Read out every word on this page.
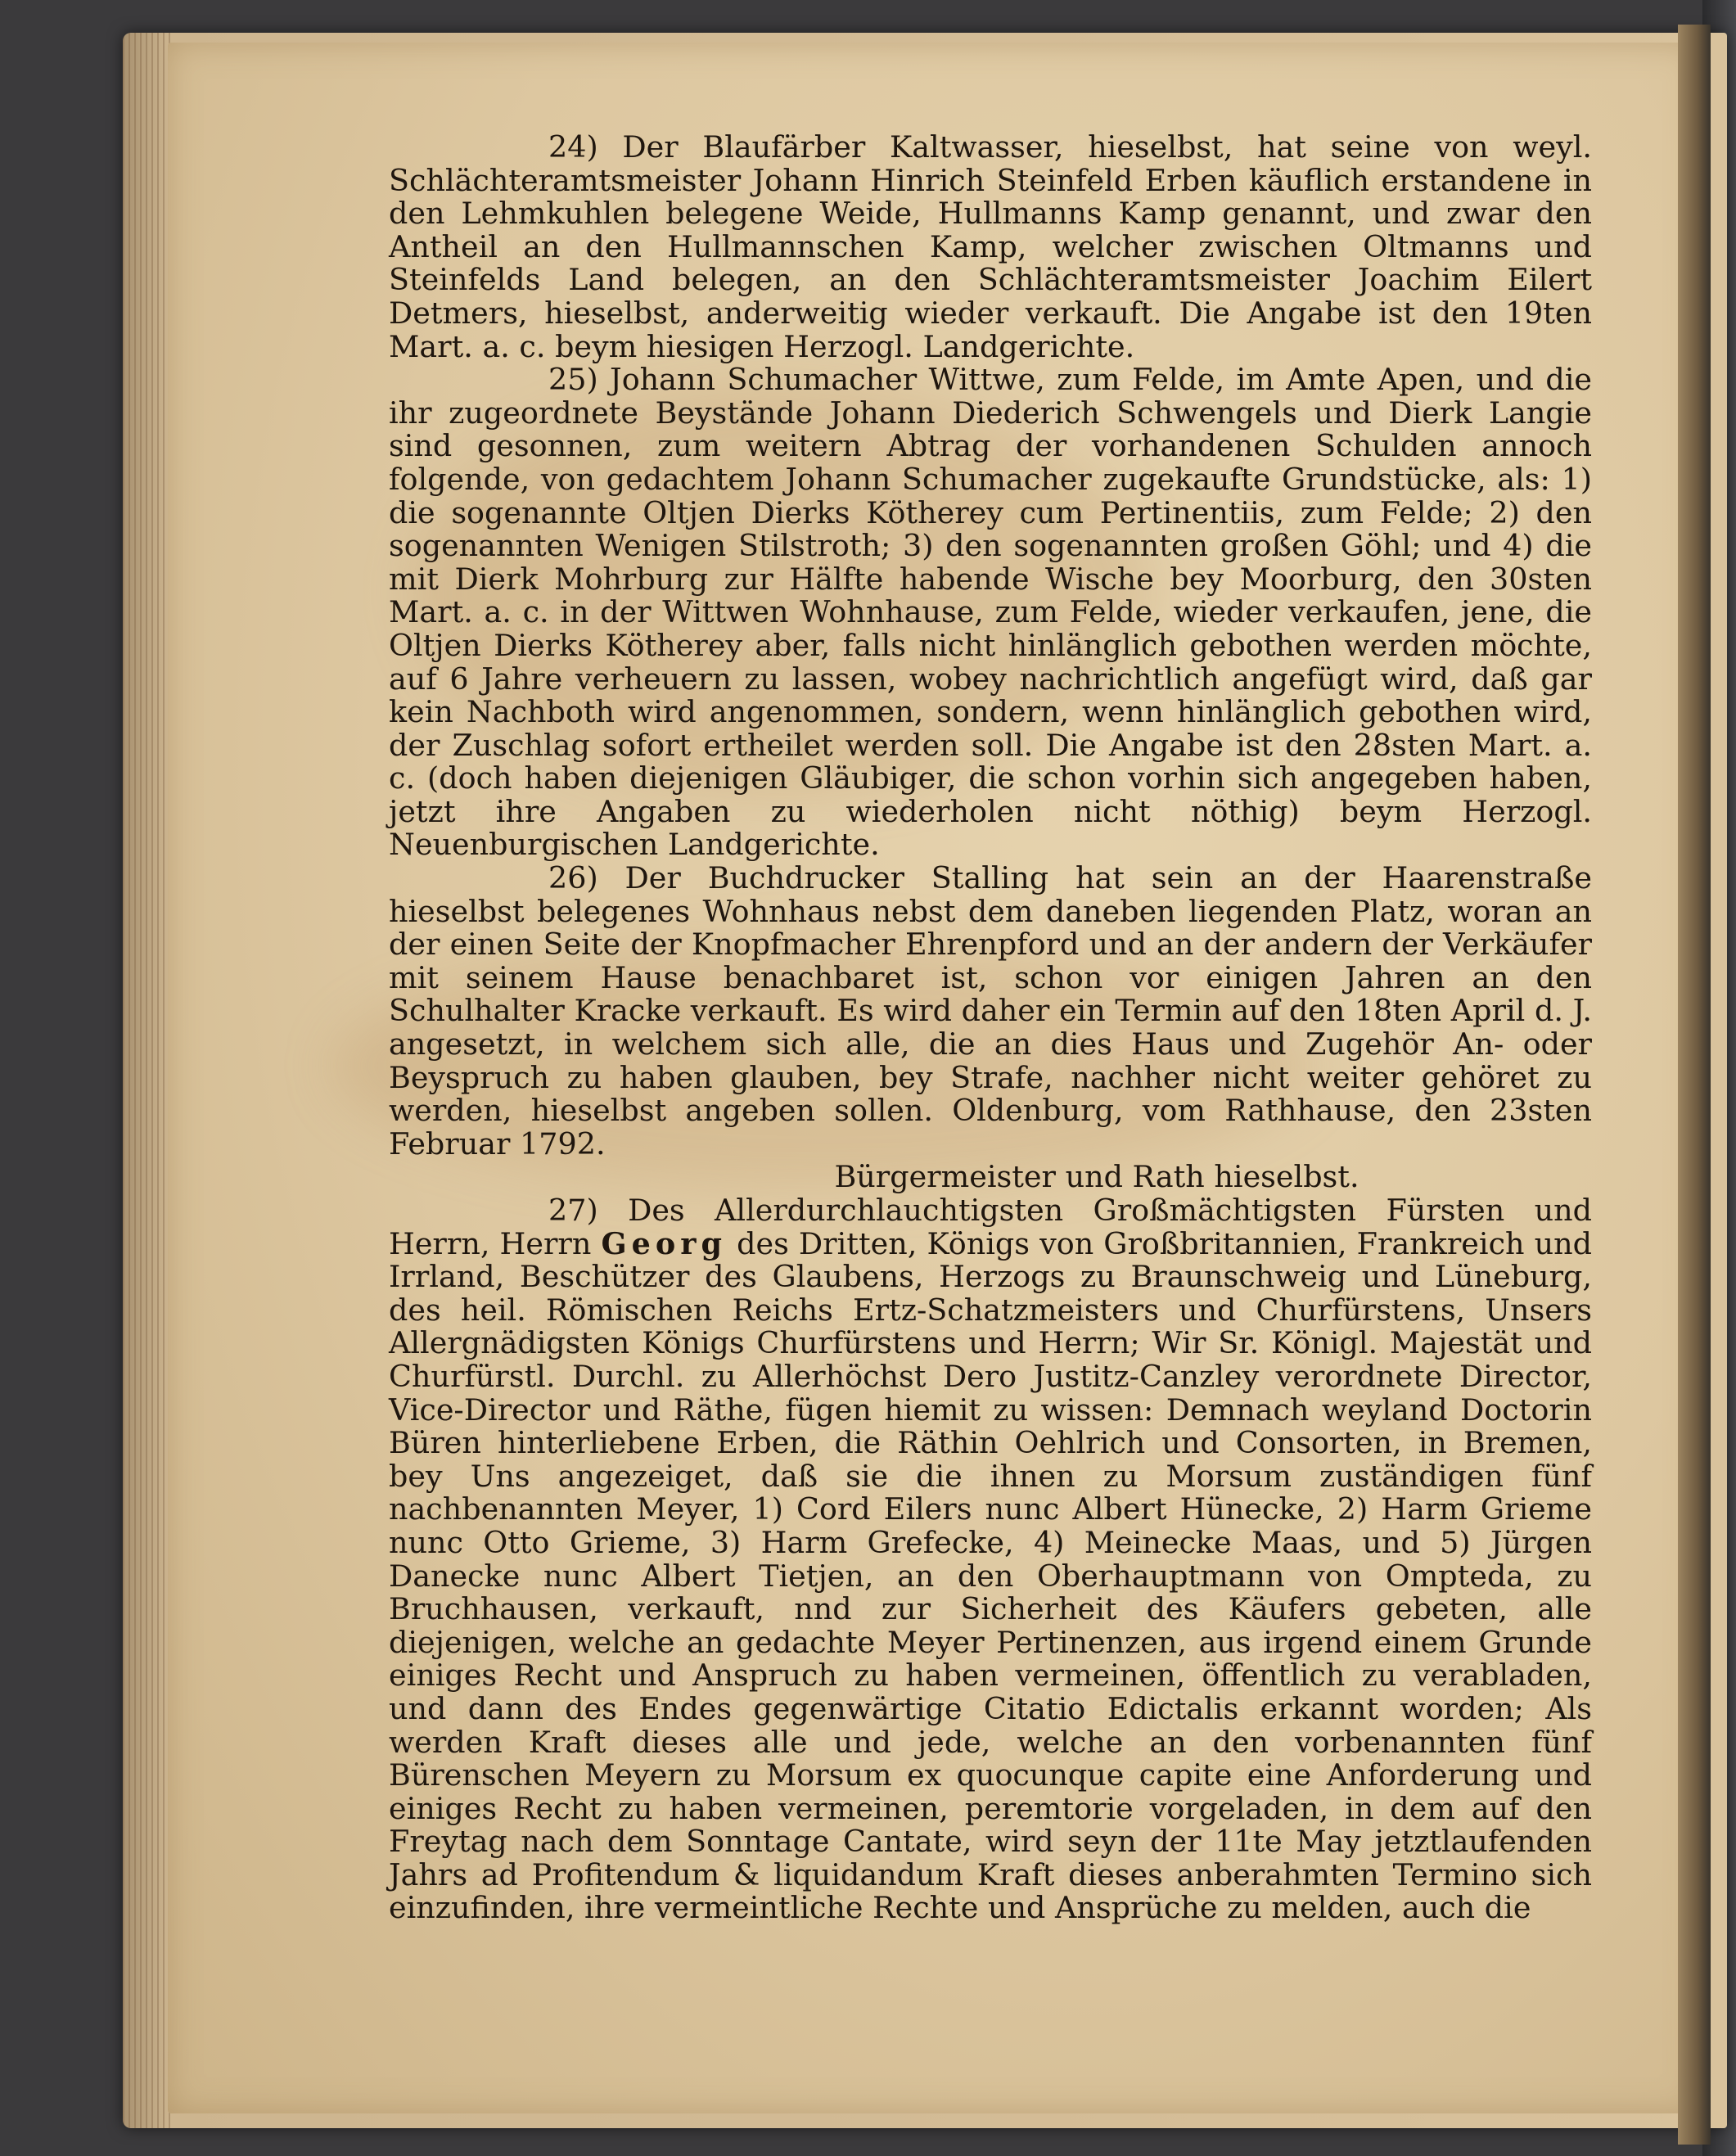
24) Der Blaufärber Kaltwasser, hieselbst, hat seine von weyl. Schlächteramtsmeister Johann Hinrich Steinfeld Erben käuflich erstandene in den Lehmkuhlen belegene Weide, Hullmanns Kamp genannt, und zwar den Antheil an den Hullmannschen Kamp, welcher zwischen Oltmanns und Steinfelds Land belegen, an den Schlächteramtsmeister Joachim Eilert Detmers, hieselbst, anderweitig wieder verkauft. Die Angabe ist den 19ten Mart. a. c. beym hiesigen Herzogl. Landgerichte.

25) Johann Schumacher Wittwe, zum Felde, im Amte Apen, und die ihr zugeordnete Beystände Johann Diederich Schwengels und Dierk Langie sind gesonnen, zum weitern Abtrag der vorhandenen Schulden annoch folgende, von gedachtem Johann Schumacher zugekaufte Grundstücke, als: 1) die sogenannte Oltjen Dierks Kötherey cum Pertinentiis, zum Felde; 2) den sogenannten Wenigen Stilstroth; 3) den sogenannten großen Göhl; und 4) die mit Dierk Mohrburg zur Hälfte habende Wische bey Moorburg, den 30sten Mart. a. c. in der Wittwen Wohnhause, zum Felde, wieder verkaufen, jene, die Oltjen Dierks Kötherey aber, falls nicht hinlänglich gebothen werden möchte, auf 6 Jahre verheuern zu lassen, wobey nachrichtlich angefügt wird, daß gar kein Nachboth wird angenommen, sondern, wenn hinlänglich gebothen wird, der Zuschlag sofort ertheilet werden soll. Die Angabe ist den 28sten Mart. a. c. (doch haben diejenigen Gläubiger, die schon vorhin sich angegeben haben, jetzt ihre Angaben zu wiederholen nicht nöthig) beym Herzogl. Neuenburgischen Landgerichte.

26) Der Buchdrucker Stalling hat sein an der Haarenstraße hieselbst belegenes Wohnhaus nebst dem daneben liegenden Platz, woran an der einen Seite der Knopfmacher Ehrenpford und an der andern der Verkäufer mit seinem Hause benachbaret ist, schon vor einigen Jahren an den Schulhalter Kracke verkauft. Es wird daher ein Termin auf den 18ten April d. J. angesetzt, in welchem sich alle, die an dies Haus und Zugehör An- oder Beyspruch zu haben glauben, bey Strafe, nachher nicht weiter gehöret zu werden, hieselbst angeben sollen. Oldenburg, vom Rathhause, den 23sten Februar 1792.

Bürgermeister und Rath hieselbst.

27) Des Allerdurchlauchtigsten Großmächtigsten Fürsten und Herrn, Herrn Georg des Dritten, Königs von Großbritannien, Frankreich und Irrland, Beschützer des Glaubens, Herzogs zu Braunschweig und Lüneburg, des heil. Römischen Reichs Ertz-Schatzmeisters und Churfürstens, Unsers Allergnädigsten Königs Churfürstens und Herrn; Wir Sr. Königl. Majestät und Churfürstl. Durchl. zu Allerhöchst Dero Justitz-Canzley verordnete Director, Vice-Director und Räthe, fügen hiemit zu wissen: Demnach weyland Doctorin Büren hinterliebene Erben, die Räthin Oehlrich und Consorten, in Bremen, bey Uns angezeiget, daß sie die ihnen zu Morsum zuständigen fünf nachbenannten Meyer, 1) Cord Eilers nunc Albert Hünecke, 2) Harm Grieme nunc Otto Grieme, 3) Harm Grefecke, 4) Meinecke Maas, und 5) Jürgen Danecke nunc Albert Tietjen, an den Oberhauptmann von Ompteda, zu Bruchhausen, verkauft, nnd zur Sicherheit des Käufers gebeten, alle diejenigen, welche an gedachte Meyer Pertinenzen, aus irgend einem Grunde einiges Recht und Anspruch zu haben vermeinen, öffentlich zu verabladen, und dann des Endes gegenwärtige Citatio Edictalis erkannt worden; Als werden Kraft dieses alle und jede, welche an den vorbenannten fünf Bürenschen Meyern zu Morsum ex quocunque capite eine Anforderung und einiges Recht zu haben vermeinen, peremtorie vorgeladen, in dem auf den Freytag nach dem Sonntage Cantate, wird seyn der 11te May jetztlaufenden Jahrs ad Profitendum & liquidandum Kraft dieses anberahmten Termino sich einzufinden, ihre vermeintliche Rechte und Ansprüche zu melden, auch die
